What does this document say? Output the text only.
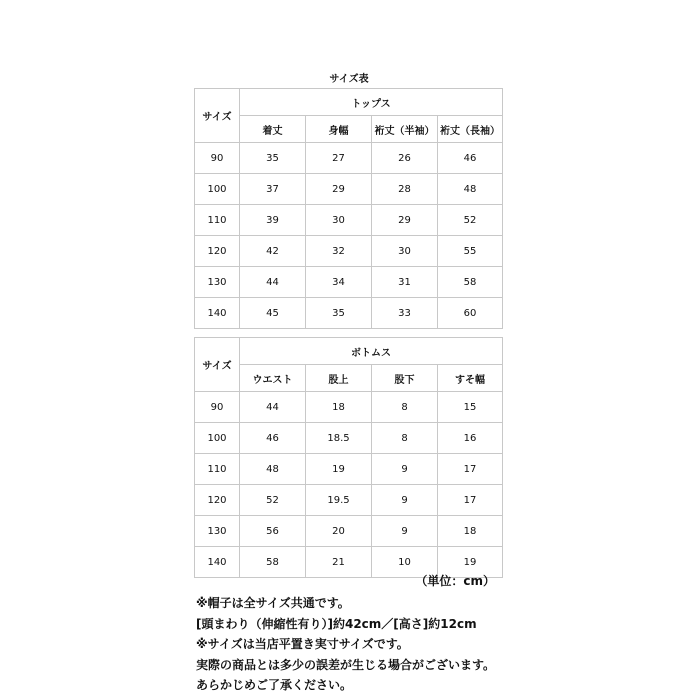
サイズ表
サイズ	トップス			
	着丈	身幅	裄丈（半袖）	裄丈（長袖）
90	35	27	26	46
100	37	29	28	48
110	39	30	29	52
120	42	32	30	55
130	44	34	31	58
140	45	35	33	60
サイズ	ボトムス			
	ウエスト	股上	股下	すそ幅
90	44	18	8	15
100	46	18.5	8	16
110	48	19	9	17
120	52	19.5	9	17
130	56	20	9	18
140	58	21	10	19
（単位：cm）
※帽子は全サイズ共通です。
[頭まわり（伸縮性有り）]約42cm／[高さ]約12cm
※サイズは当店平置き実寸サイズです。
実際の商品とは多少の誤差が生じる場合がございます。
あらかじめご了承ください。
